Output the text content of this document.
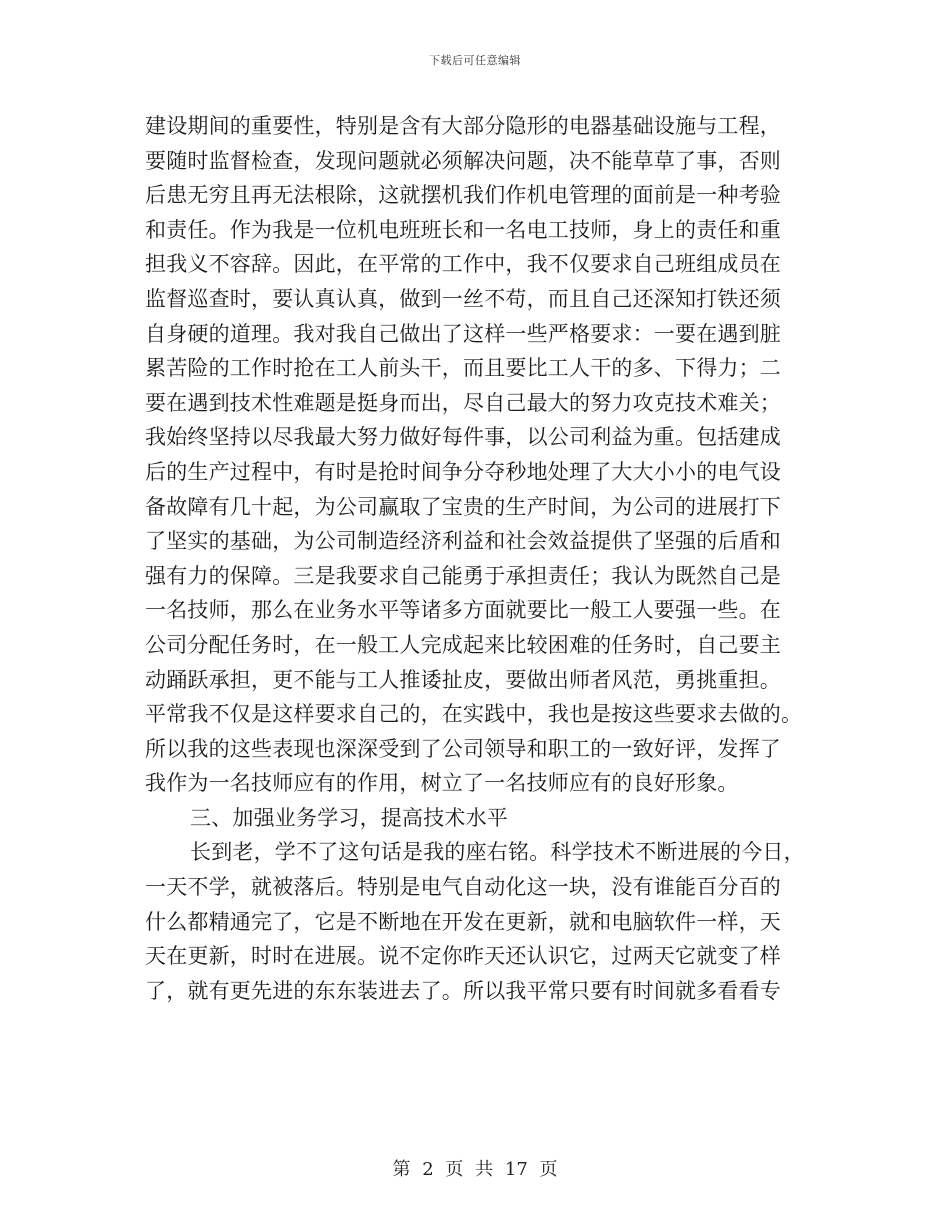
下载后可任意编辑
建设期间的重要性，特别是含有大部分隐形的电器基础设施与工程，
要随时监督检查，发现问题就必须解决问题，决不能草草了事，否则
后患无穷且再无法根除，这就摆机我们作机电管理的面前是一种考验
和责任。作为我是一位机电班班长和一名电工技师，身上的责任和重
担我义不容辞。因此，在平常的工作中，我不仅要求自己班组成员在
监督巡查时，要认真认真，做到一丝不苟，而且自己还深知打铁还须
自身硬的道理。我对我自己做出了这样一些严格要求：一要在遇到脏
累苦险的工作时抢在工人前头干，而且要比工人干的多、下得力；二
要在遇到技术性难题是挺身而出，尽自己最大的努力攻克技术难关；
我始终坚持以尽我最大努力做好每件事，以公司利益为重。包括建成
后的生产过程中，有时是抢时间争分夺秒地处理了大大小小的电气设
备故障有几十起，为公司赢取了宝贵的生产时间，为公司的进展打下
了坚实的基础，为公司制造经济利益和社会效益提供了坚强的后盾和
强有力的保障。三是我要求自己能勇于承担责任；我认为既然自己是
一名技师，那么在业务水平等诸多方面就要比一般工人要强一些。在
公司分配任务时，在一般工人完成起来比较困难的任务时，自己要主
动踊跃承担，更不能与工人推诿扯皮，要做出师者风范，勇挑重担。
平常我不仅是这样要求自己的，在实践中，我也是按这些要求去做的。
所以我的这些表现也深深受到了公司领导和职工的一致好评，发挥了
我作为一名技师应有的作用，树立了一名技师应有的良好形象。
三、加强业务学习，提高技术水平
长到老，学不了这句话是我的座右铭。科学技术不断进展的今日，
一天不学，就被落后。特别是电气自动化这一块，没有谁能百分百的
什么都精通完了，它是不断地在开发在更新，就和电脑软件一样，天
天在更新，时时在进展。说不定你昨天还认识它，过两天它就变了样
了，就有更先进的东东装进去了。所以我平常只要有时间就多看看专
第 2 页 共 17 页
